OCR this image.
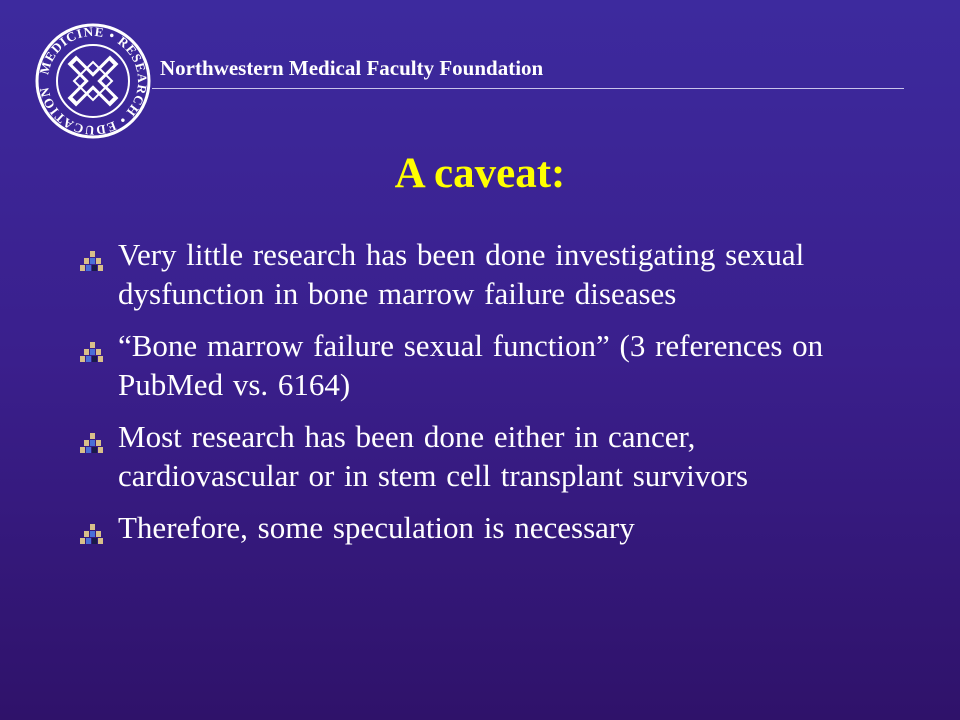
MEDICINE • RESEARCH • EDUCATION
Northwestern Medical Faculty Foundation
A caveat:
Very little research has been done investigating sexual dysfunction in bone marrow failure diseases
“Bone marrow failure sexual function” (3 references on PubMed vs. 6164)
Most research has been done either in cancer, cardiovascular or in stem cell transplant survivors
Therefore, some speculation is necessary
